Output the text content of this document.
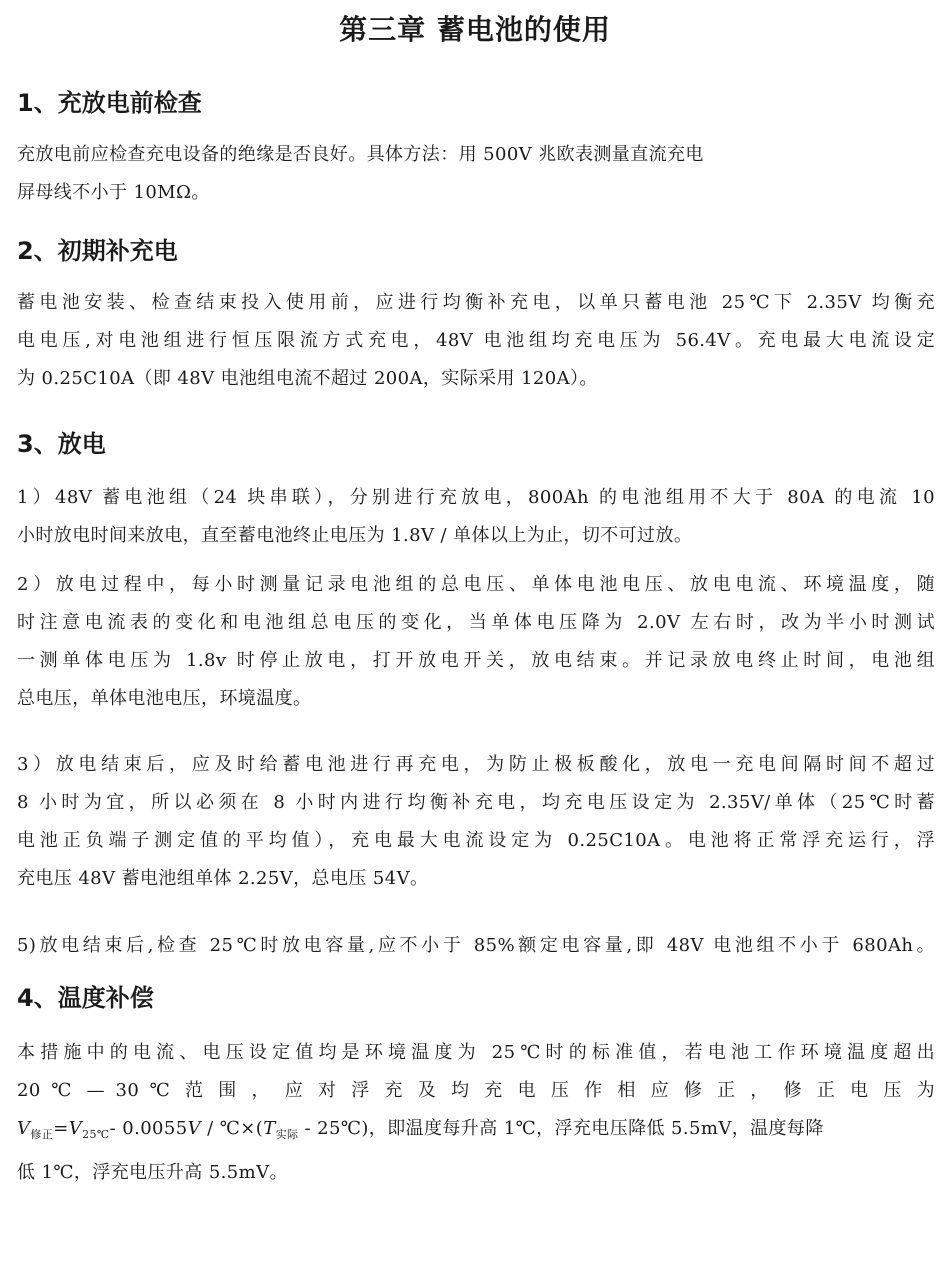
第三章 蓄电池的使用
1、充放电前检查
充放电前应检查充电设备的绝缘是否良好。具体方法：用 500V 兆欧表测量直流充电
屏母线不小于 10MΩ。
2、初期补充电
蓄电池安装、检查结束投入使用前，应进行均衡补充电，以单只蓄电池 25℃下 2.35V 均衡充
电电压,对电池组进行恒压限流方式充电，48V 电池组均充电压为 56.4V。充电最大电流设定
为 0.25C10A（即 48V 电池组电流不超过 200A，实际采用 120A）。
3、放电
1）48V 蓄电池组（24 块串联），分别进行充放电，800Ah 的电池组用不大于 80A 的电流 10
小时放电时间来放电，直至蓄电池终止电压为 1.8V / 单体以上为止，切不可过放。
2）放电过程中，每小时测量记录电池组的总电压、单体电池电压、放电电流、环境温度，随
时注意电流表的变化和电池组总电压的变化，当单体电压降为 2.0V 左右时，改为半小时测试
一测单体电压为 1.8v 时停止放电，打开放电开关，放电结束。并记录放电终止时间，电池组
总电压，单体电池电压，环境温度。
3）放电结束后，应及时给蓄电池进行再充电，为防止极板酸化，放电一充电间隔时间不超过
8 小时为宜，所以必须在 8 小时内进行均衡补充电，均充电压设定为 2.35V/单体（25℃时蓄
电池正负端子测定值的平均值），充电最大电流设定为 0.25C10A。电池将正常浮充运行，浮
充电压 48V 蓄电池组单体 2.25V，总电压 54V。
5)放电结束后,检查 25℃时放电容量,应不小于 85%额定电容量,即 48V 电池组不小于 680Ah。
4、温度补偿
本措施中的电流、电压设定值均是环境温度为 25℃时的标准值，若电池工作环境温度超出
20 ℃ — 30 ℃ 范 围 ， 应 对 浮 充 及 均 充 电 压 作 相 应 修 正 ， 修 正 电 压 为
$V_{修正}=V_{25℃}-$ $0.0055V / ℃\times(T_{实际}$ - 25℃)，即温度每升高 1℃，浮充电压降低 5.5mV，温度每降
低 1℃，浮充电压升高 5.5mV。
